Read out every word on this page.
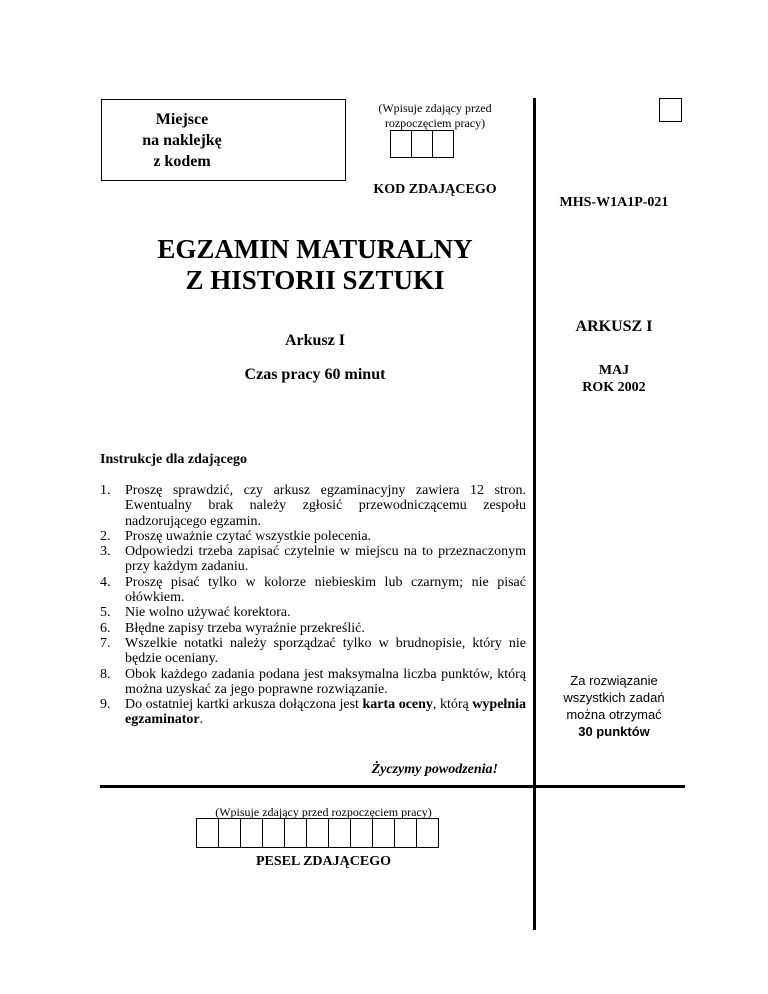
Miejsce
na naklejkę
z kodem
(Wpisuje zdający przed rozpoczęciem pracy)
KOD ZDAJĄCEGO
MHS-W1A1P-021
EGZAMIN MATURALNY
Z HISTORII SZTUKI
Arkusz I
Czas pracy 60 minut
ARKUSZ I
MAJ
ROK 2002
Za rozwiązanie
wszystkich zadań
można otrzymać
30 punktów
Instrukcje dla zdającego
1. Proszę sprawdzić, czy arkusz egzaminacyjny zawiera 12 stron. Ewentualny brak należy zgłosić przewodniczącemu zespołu nadzorującego egzamin.
2. Proszę uważnie czytać wszystkie polecenia.
3. Odpowiedzi trzeba zapisać czytelnie w miejscu na to przeznaczonym przy każdym zadaniu.
4. Proszę pisać tylko w kolorze niebieskim lub czarnym; nie pisać ołówkiem.
5. Nie wolno używać korektora.
6. Błędne zapisy trzeba wyraźnie przekreślić.
7. Wszelkie notatki należy sporządzać tylko w brudnopisie, który nie będzie oceniany.
8. Obok każdego zadania podana jest maksymalna liczba punktów, którą można uzyskać za jego poprawne rozwiązanie.
9. Do ostatniej kartki arkusza dołączona jest karta oceny, którą wypełnia egzaminator.
Życzymy powodzenia!
(Wpisuje zdający przed rozpoczęciem pracy)
PESEL ZDAJĄCEGO
